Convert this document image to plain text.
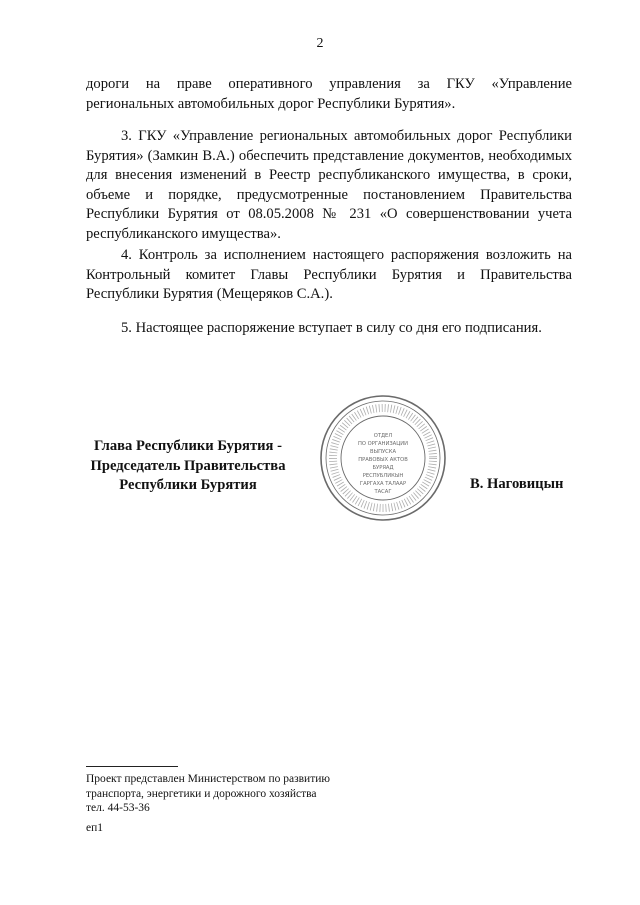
2

дороги на праве оперативного управления за ГКУ «Управление региональных автомобильных дорог Республики Бурятия».

3. ГКУ «Управление региональных автомобильных дорог Республики Бурятия» (Замкин В.А.) обеспечить представление документов, необходимых для внесения изменений в Реестр республиканского имущества, в сроки, объеме и порядке, предусмотренные постановлением Правительства Республики Бурятия от 08.05.2008 № 231 «О совершенствовании учета республиканского имущества».

4. Контроль за исполнением настоящего распоряжения возложить на Контрольный комитет Главы Республики Бурятия и Правительства Республики Бурятия (Мещеряков С.А.).

5. Настоящее распоряжение вступает в силу со дня его подписания.

Глава Республики Бурятия -
Председатель Правительства
Республики Бурятия
ОТДЕЛ
ПО ОРГАНИЗАЦИИ
ВЫПУСКА
ПРАВОВЫХ АКТОВ
БУРЯАД
РЕСПУБЛИКЫН
ГАРГАХА ТАЛААР
ТАСАГ	В. Наговицын
Проект представлен Министерством по развитию
транспорта, энергетики и дорожного хозяйства
тел. 44-53-36
еп1
